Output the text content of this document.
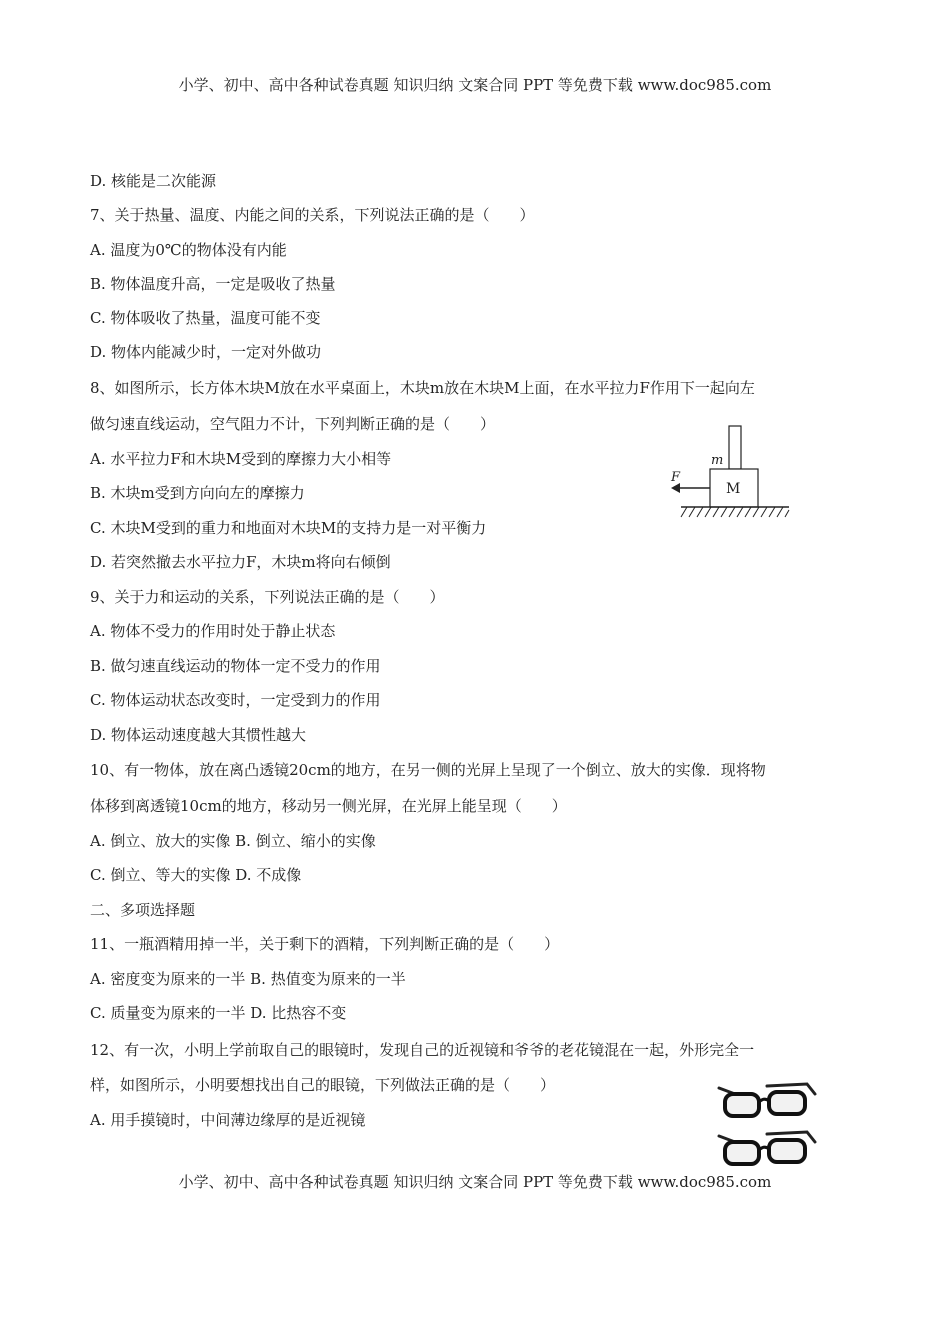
小学、初中、高中各种试卷真题 知识归纳 文案合同 PPT 等免费下载 www.doc985.com
D. 核能是二次能源
7、关于热量、温度、内能之间的关系，下列说法正确的是（　　）
A. 温度为0℃的物体没有内能
B. 物体温度升高，一定是吸收了热量
C. 物体吸收了热量，温度可能不变
D. 物体内能减少时，一定对外做功
8、如图所示，长方体木块M放在水平桌面上，木块m放在木块M上面，在水平拉力F作用下一起向左
做匀速直线运动，空气阻力不计，下列判断正确的是（　　）
A. 水平拉力F和木块M受到的摩擦力大小相等
B. 木块m受到方向向左的摩擦力
C. 木块M受到的重力和地面对木块M的支持力是一对平衡力
D. 若突然撤去水平拉力F，木块m将向右倾倒
9、关于力和运动的关系，下列说法正确的是（　　）
A. 物体不受力的作用时处于静止状态
B. 做匀速直线运动的物体一定不受力的作用
C. 物体运动状态改变时，一定受到力的作用
D. 物体运动速度越大其惯性越大
10、有一物体，放在离凸透镜20cm的地方，在另一侧的光屏上呈现了一个倒立、放大的实像．现将物
体移到离透镜10cm的地方，移动另一侧光屏，在光屏上能呈现（　　）
A. 倒立、放大的实像 B. 倒立、缩小的实像
C. 倒立、等大的实像 D. 不成像
二、多项选择题
11、一瓶酒精用掉一半，关于剩下的酒精，下列判断正确的是（　　）
A. 密度变为原来的一半 B. 热值变为原来的一半
C. 质量变为原来的一半 D. 比热容不变
12、有一次，小明上学前取自己的眼镜时，发现自己的近视镜和爷爷的老花镜混在一起，外形完全一
样，如图所示，小明要想找出自己的眼镜，下列做法正确的是（　　）
A. 用手摸镜时，中间薄边缘厚的是近视镜
m
M
F
小学、初中、高中各种试卷真题 知识归纳 文案合同 PPT 等免费下载 www.doc985.com
